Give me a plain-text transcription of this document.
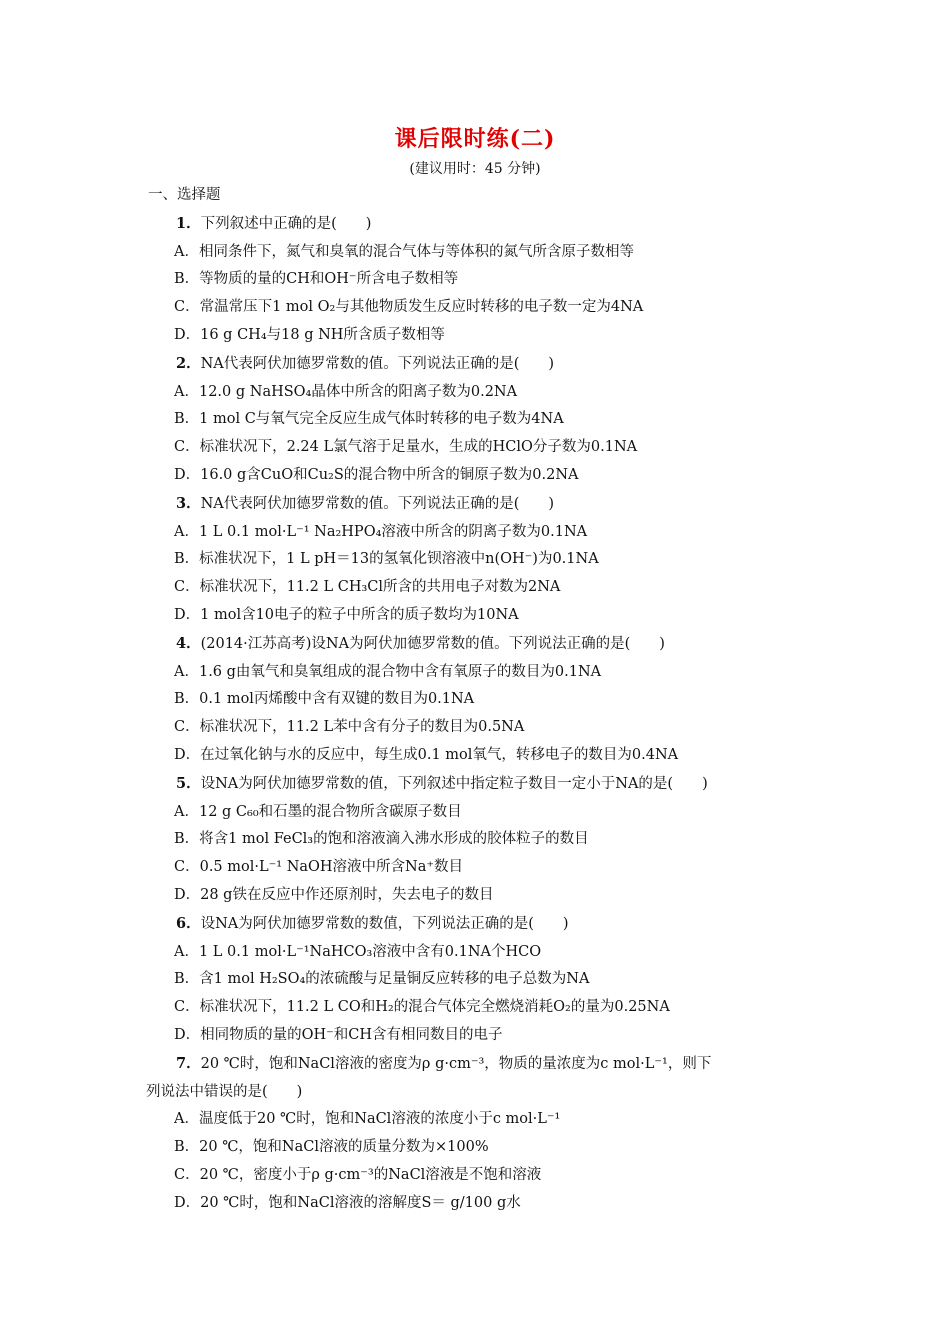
课后限时练(二)
(建议用时：45 分钟)
一、选择题
1．下列叙述中正确的是(　　)
A．相同条件下，氮气和臭氧的混合气体与等体积的氮气所含原子数相等
B．等物质的量的CH和OH⁻所含电子数相等
C．常温常压下1 mol O₂与其他物质发生反应时转移的电子数一定为4NA
D．16 g CH₄与18 g NH所含质子数相等
2．NA代表阿伏加德罗常数的值。下列说法正确的是(　　)
A．12.0 g NaHSO₄晶体中所含的阳离子数为0.2NA
B．1 mol C与氧气完全反应生成气体时转移的电子数为4NA
C．标准状况下，2.24 L氯气溶于足量水，生成的HClO分子数为0.1NA
D．16.0 g含CuO和Cu₂S的混合物中所含的铜原子数为0.2NA
3．NA代表阿伏加德罗常数的值。下列说法正确的是(　　)
A．1 L 0.1 mol·L⁻¹ Na₂HPO₄溶液中所含的阴离子数为0.1NA
B．标准状况下，1 L pH＝13的氢氧化钡溶液中n(OH⁻)为0.1NA
C．标准状况下，11.2 L CH₃Cl所含的共用电子对数为2NA
D．1 mol含10电子的粒子中所含的质子数均为10NA
4．(2014·江苏高考)设NA为阿伏加德罗常数的值。下列说法正确的是(　　)
A．1.6 g由氧气和臭氧组成的混合物中含有氧原子的数目为0.1NA
B．0.1 mol丙烯酸中含有双键的数目为0.1NA
C．标准状况下，11.2 L苯中含有分子的数目为0.5NA
D．在过氧化钠与水的反应中，每生成0.1 mol氧气，转移电子的数目为0.4NA
5．设NA为阿伏加德罗常数的值，下列叙述中指定粒子数目一定小于NA的是(　　)
A．12 g C₆₀和石墨的混合物所含碳原子数目
B．将含1 mol FeCl₃的饱和溶液滴入沸水形成的胶体粒子的数目
C．0.5 mol·L⁻¹ NaOH溶液中所含Na⁺数目
D．28 g铁在反应中作还原剂时，失去电子的数目
6．设NA为阿伏加德罗常数的数值，下列说法正确的是(　　)
A．1 L 0.1 mol·L⁻¹NaHCO₃溶液中含有0.1NA个HCO
B．含1 mol H₂SO₄的浓硫酸与足量铜反应转移的电子总数为NA
C．标准状况下，11.2 L CO和H₂的混合气体完全燃烧消耗O₂的量为0.25NA
D．相同物质的量的OH⁻和CH含有相同数目的电子
7．20 ℃时，饱和NaCl溶液的密度为ρ g·cm⁻³，物质的量浓度为c mol·L⁻¹，则下
列说法中错误的是(　　)
A．温度低于20 ℃时，饱和NaCl溶液的浓度小于c mol·L⁻¹
B．20 ℃，饱和NaCl溶液的质量分数为×100%
C．20 ℃，密度小于ρ g·cm⁻³的NaCl溶液是不饱和溶液
D．20 ℃时，饱和NaCl溶液的溶解度S＝ g/100 g水
